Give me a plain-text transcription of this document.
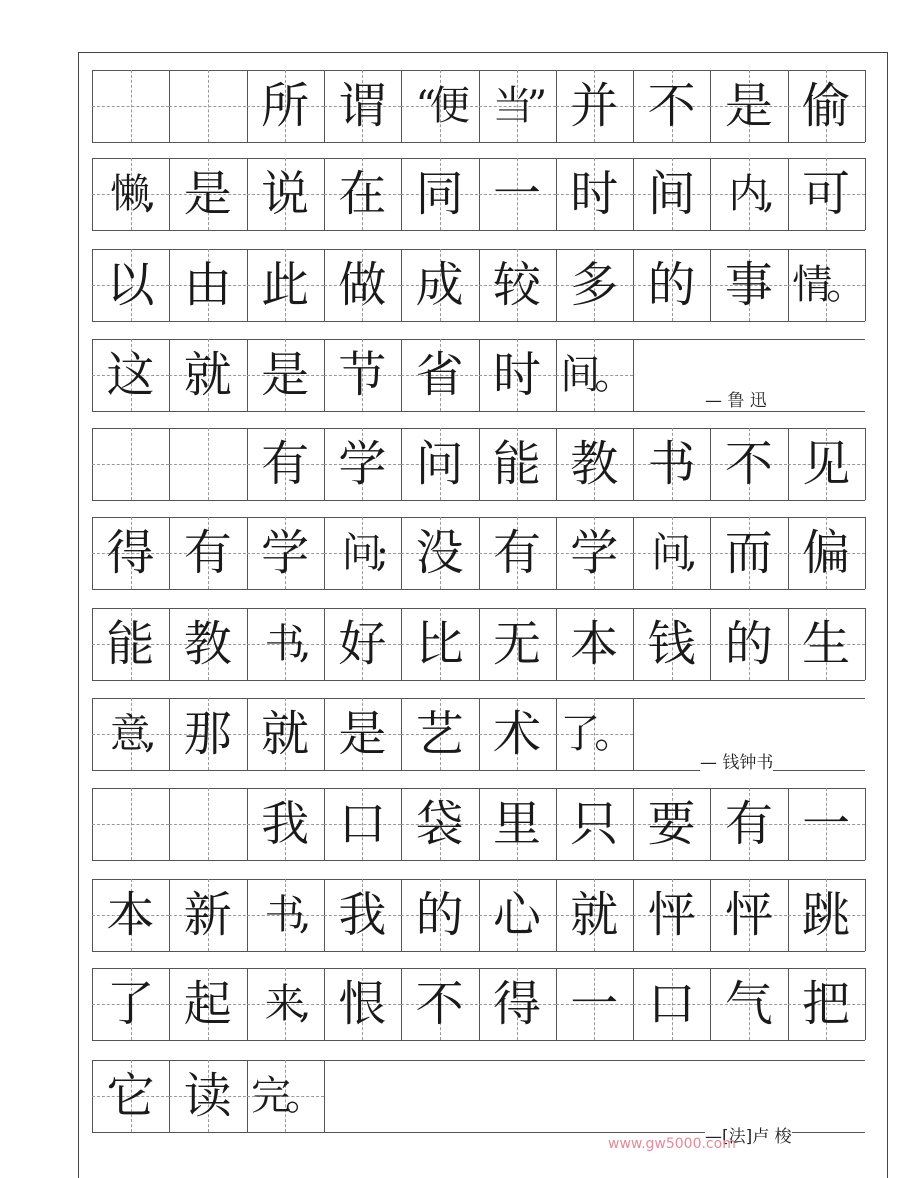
所 谓 “便 当” 并 不 是 偷
懒, 是 说 在 同 一 时 间 内, 可
以 由 此 做 成 较 多 的 事 情。
这 就 是 节 省 时 间。
有 学 问 能 教 书 不 见
得 有 学 问; 没 有 学 问, 而 偏
能 教 书, 好 比 无 本 钱 的 生
意, 那 就 是 艺 术 了。
我 口 袋 里 只 要 有 一
本 新 书, 我 的 心 就 怦 怦 跳
了 起 来, 恨 不 得 一 口 气 把
它 读 完。
— 鲁 迅
— 钱钟书
—[法]卢 梭
www.gw5000.com
